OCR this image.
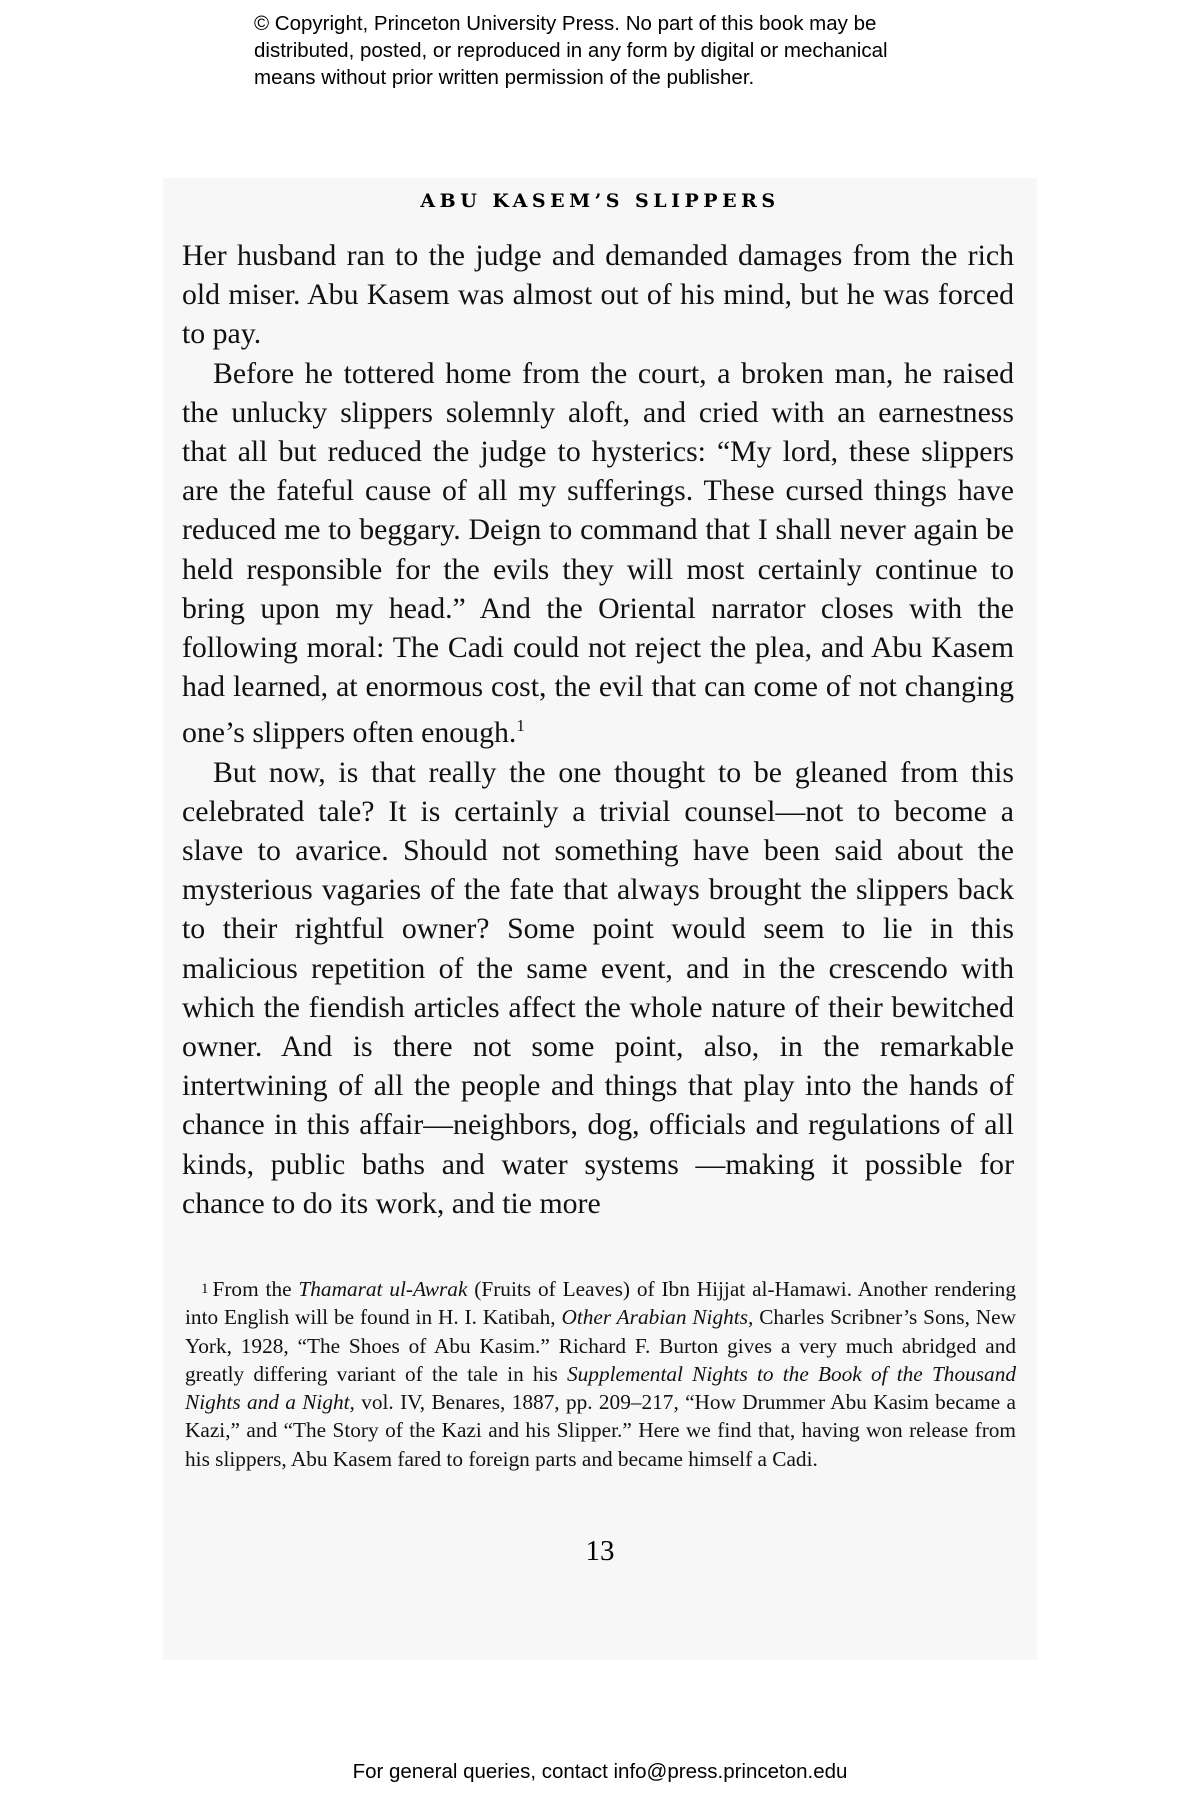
© Copyright, Princeton University Press. No part of this book may be
distributed, posted, or reproduced in any form by digital or mechanical
means without prior written permission of the publisher.
ABU KASEM’S SLIPPERS

Her husband ran to the judge and demanded damages from the rich old miser. Abu Kasem was almost out of his mind, but he was forced to pay.

Before he tottered home from the court, a broken man, he raised the unlucky slippers solemnly aloft, and cried with an earnestness that all but reduced the judge to hysterics: “My lord, these slippers are the fateful cause of all my sufferings. These cursed things have reduced me to beggary. Deign to command that I shall never again be held responsible for the evils they will most certainly continue to bring upon my head.” And the Oriental narrator closes with the following moral: The Cadi could not reject the plea, and Abu Kasem had learned, at enormous cost, the evil that can come of not changing one’s slippers often enough.$^1$

But now, is that really the one thought to be gleaned from this celebrated tale? It is certainly a trivial counsel—not to become a slave to avarice. Should not something have been said about the mysterious vagaries of the fate that always brought the slippers back to their rightful owner? Some point would seem to lie in this malicious repetition of the same event, and in the crescendo with which the fiendish articles affect the whole nature of their bewitched owner. And is there not some point, also, in the remarkable intertwining of all the people and things that play into the hands of chance in this affair—neighbors, dog, officials and regulations of all kinds, public baths and water systems —making it possible for chance to do its work, and tie more

1 From the Thamarat ul-Awrak (Fruits of Leaves) of Ibn Hijjat al-Hamawi. Another rendering into English will be found in H. I. Katibah, Other Arabian Nights, Charles Scribner’s Sons, New York, 1928, “The Shoes of Abu Kasim.” Richard F. Burton gives a very much abridged and greatly differing variant of the tale in his Supplemental Nights to the Book of the Thousand Nights and a Night, vol. IV, Benares, 1887, pp. 209–217, “How Drummer Abu Kasim became a Kazi,” and “The Story of the Kazi and his Slipper.” Here we find that, having won release from his slippers, Abu Kasem fared to foreign parts and became himself a Cadi.

13
For general queries, contact info@press.princeton.edu
